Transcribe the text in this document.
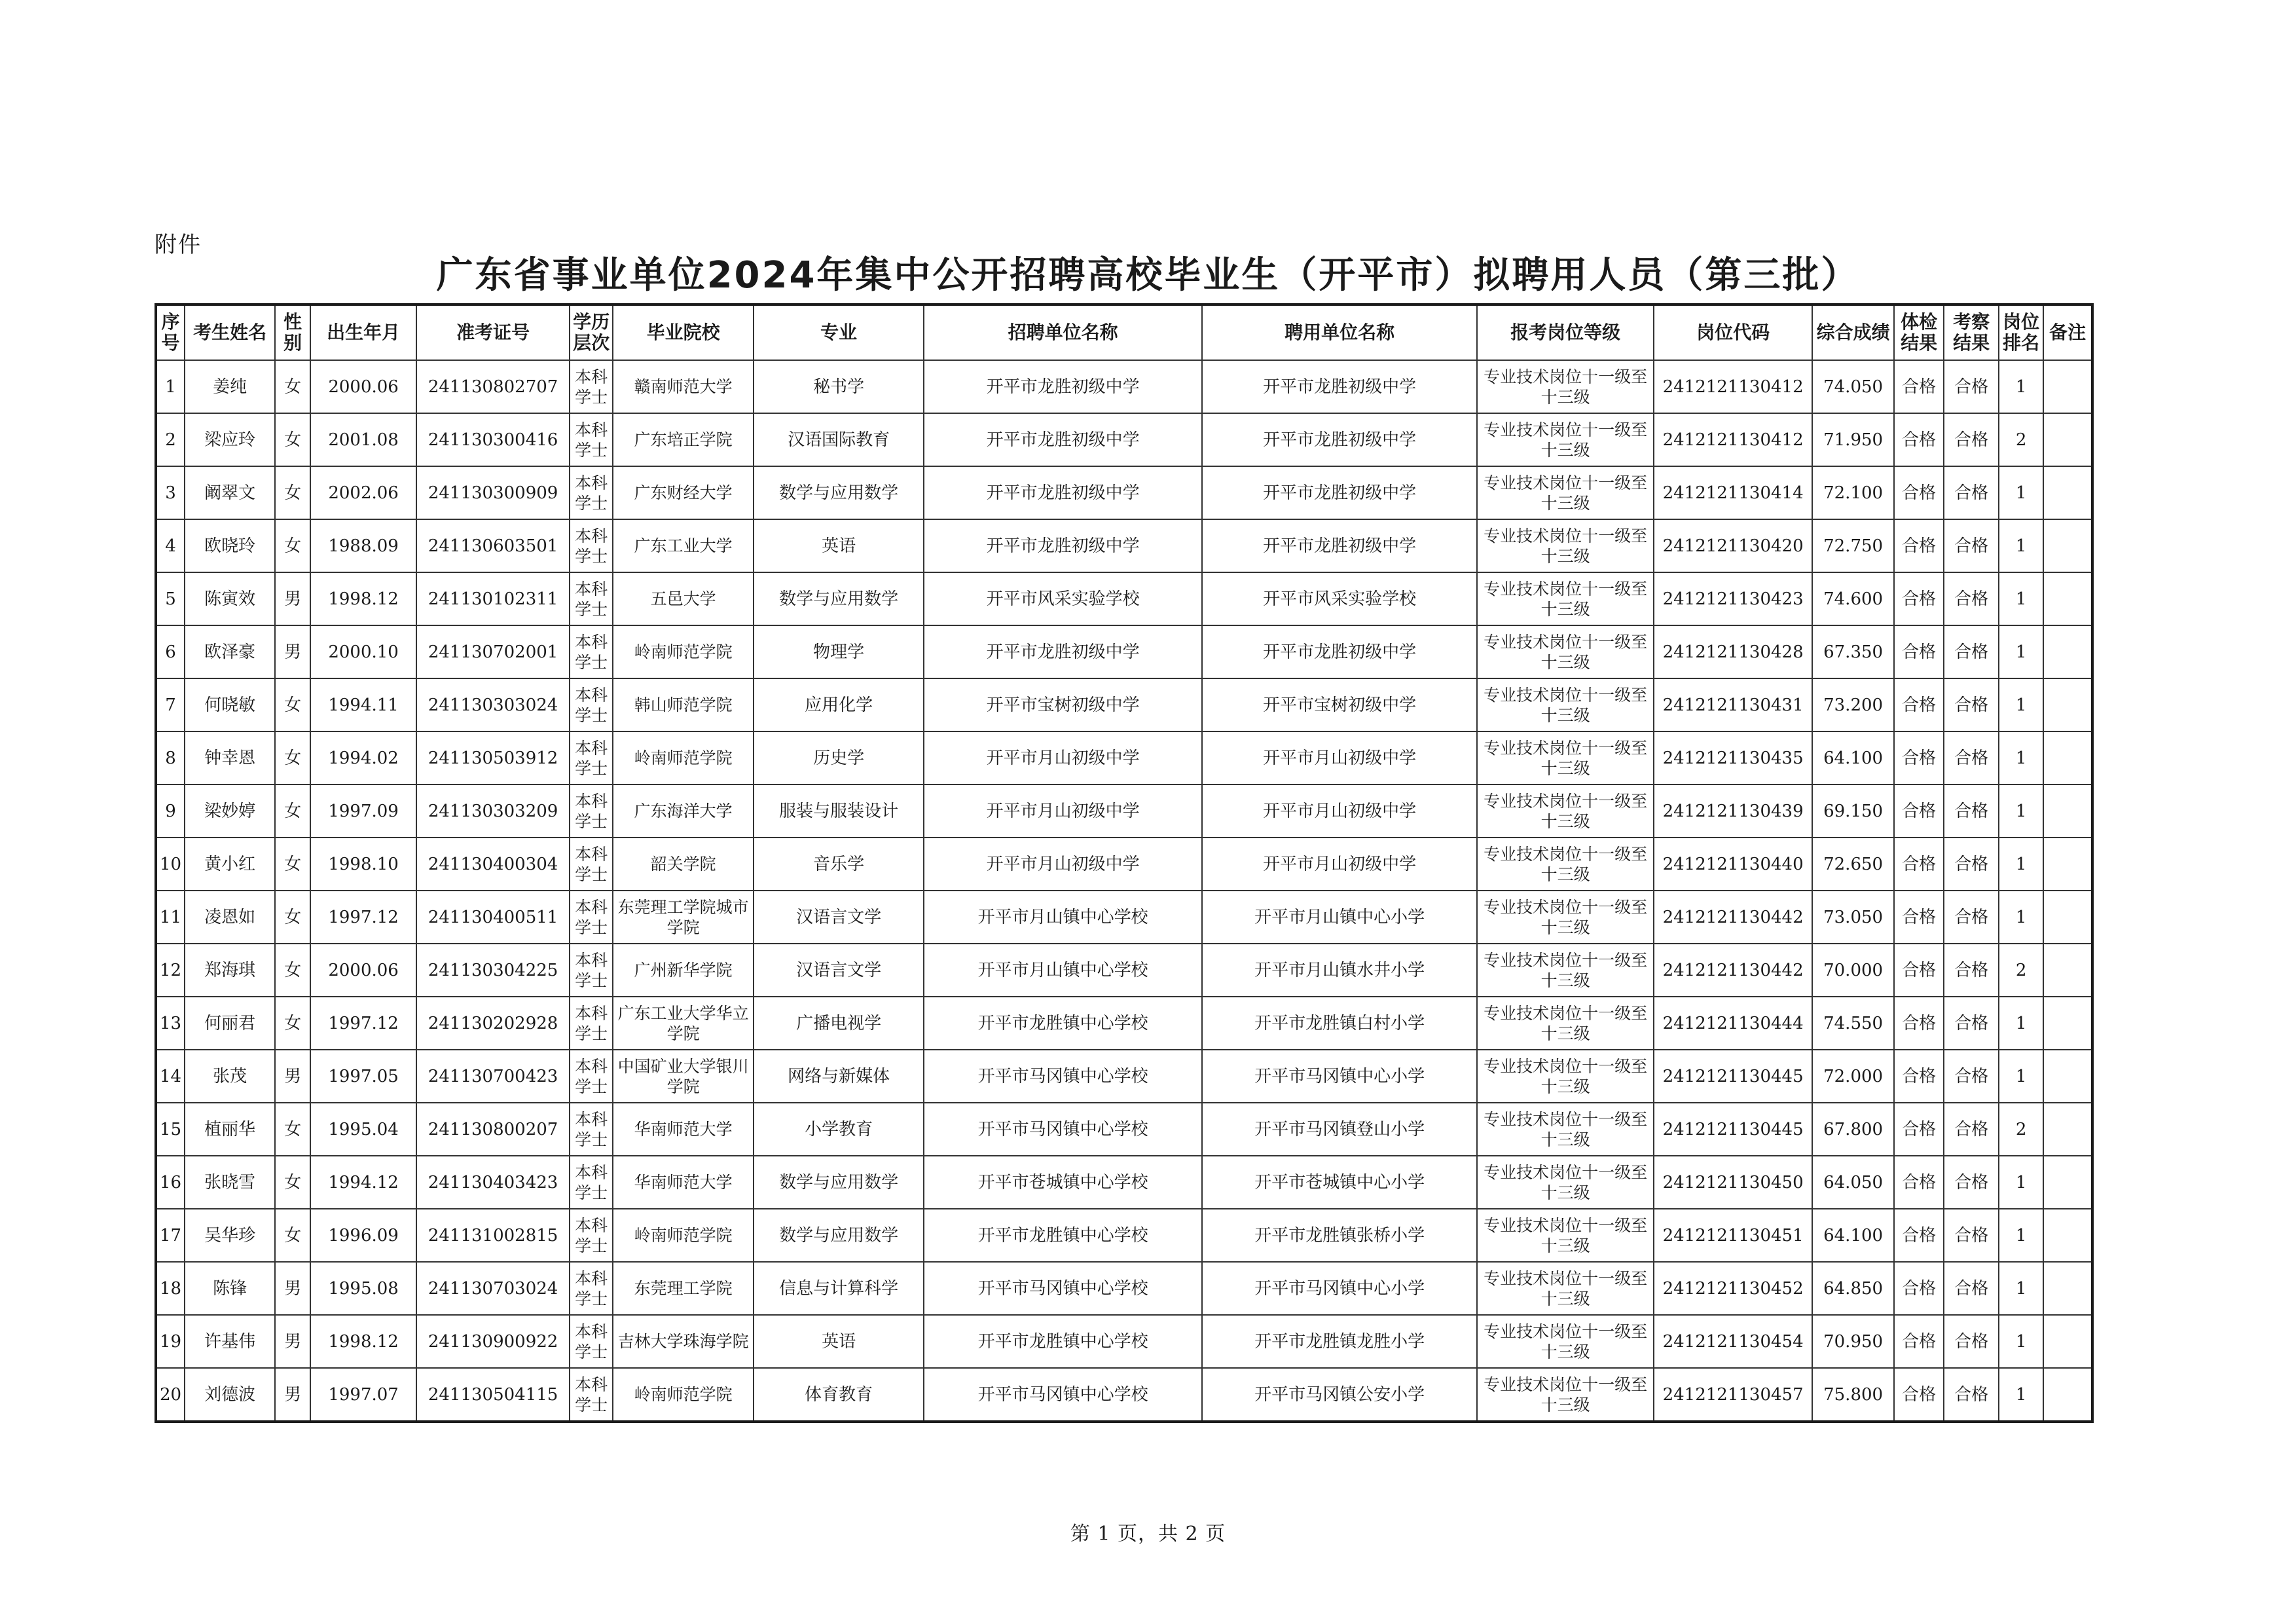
附件
广东省事业单位2024年集中公开招聘高校毕业生（开平市）拟聘用人员（第三批）
序号	考生姓名	性别	出生年月	准考证号	学历层次	毕业院校	专业	招聘单位名称	聘用单位名称	报考岗位等级	岗位代码	综合成绩	体检结果	考察结果	岗位排名	备注
1	姜纯	女	2000.06	241130802707	本科学士	赣南师范大学	秘书学	开平市龙胜初级中学	开平市龙胜初级中学	专业技术岗位十一级至十三级	2412121130412	74.050	合格	合格	1	
2	梁应玲	女	2001.08	241130300416	本科学士	广东培正学院	汉语国际教育	开平市龙胜初级中学	开平市龙胜初级中学	专业技术岗位十一级至十三级	2412121130412	71.950	合格	合格	2	
3	阚翠文	女	2002.06	241130300909	本科学士	广东财经大学	数学与应用数学	开平市龙胜初级中学	开平市龙胜初级中学	专业技术岗位十一级至十三级	2412121130414	72.100	合格	合格	1	
4	欧晓玲	女	1988.09	241130603501	本科学士	广东工业大学	英语	开平市龙胜初级中学	开平市龙胜初级中学	专业技术岗位十一级至十三级	2412121130420	72.750	合格	合格	1	
5	陈寅效	男	1998.12	241130102311	本科学士	五邑大学	数学与应用数学	开平市风采实验学校	开平市风采实验学校	专业技术岗位十一级至十三级	2412121130423	74.600	合格	合格	1	
6	欧泽豪	男	2000.10	241130702001	本科学士	岭南师范学院	物理学	开平市龙胜初级中学	开平市龙胜初级中学	专业技术岗位十一级至十三级	2412121130428	67.350	合格	合格	1	
7	何晓敏	女	1994.11	241130303024	本科学士	韩山师范学院	应用化学	开平市宝树初级中学	开平市宝树初级中学	专业技术岗位十一级至十三级	2412121130431	73.200	合格	合格	1	
8	钟幸恩	女	1994.02	241130503912	本科学士	岭南师范学院	历史学	开平市月山初级中学	开平市月山初级中学	专业技术岗位十一级至十三级	2412121130435	64.100	合格	合格	1	
9	梁妙婷	女	1997.09	241130303209	本科学士	广东海洋大学	服装与服装设计	开平市月山初级中学	开平市月山初级中学	专业技术岗位十一级至十三级	2412121130439	69.150	合格	合格	1	
10	黄小红	女	1998.10	241130400304	本科学士	韶关学院	音乐学	开平市月山初级中学	开平市月山初级中学	专业技术岗位十一级至十三级	2412121130440	72.650	合格	合格	1	
11	凌恩如	女	1997.12	241130400511	本科学士	东莞理工学院城市学院	汉语言文学	开平市月山镇中心学校	开平市月山镇中心小学	专业技术岗位十一级至十三级	2412121130442	73.050	合格	合格	1	
12	郑海琪	女	2000.06	241130304225	本科学士	广州新华学院	汉语言文学	开平市月山镇中心学校	开平市月山镇水井小学	专业技术岗位十一级至十三级	2412121130442	70.000	合格	合格	2	
13	何丽君	女	1997.12	241130202928	本科学士	广东工业大学华立学院	广播电视学	开平市龙胜镇中心学校	开平市龙胜镇白村小学	专业技术岗位十一级至十三级	2412121130444	74.550	合格	合格	1	
14	张茂	男	1997.05	241130700423	本科学士	中国矿业大学银川学院	网络与新媒体	开平市马冈镇中心学校	开平市马冈镇中心小学	专业技术岗位十一级至十三级	2412121130445	72.000	合格	合格	1	
15	植丽华	女	1995.04	241130800207	本科学士	华南师范大学	小学教育	开平市马冈镇中心学校	开平市马冈镇登山小学	专业技术岗位十一级至十三级	2412121130445	67.800	合格	合格	2	
16	张晓雪	女	1994.12	241130403423	本科学士	华南师范大学	数学与应用数学	开平市苍城镇中心学校	开平市苍城镇中心小学	专业技术岗位十一级至十三级	2412121130450	64.050	合格	合格	1	
17	吴华珍	女	1996.09	241131002815	本科学士	岭南师范学院	数学与应用数学	开平市龙胜镇中心学校	开平市龙胜镇张桥小学	专业技术岗位十一级至十三级	2412121130451	64.100	合格	合格	1	
18	陈锋	男	1995.08	241130703024	本科学士	东莞理工学院	信息与计算科学	开平市马冈镇中心学校	开平市马冈镇中心小学	专业技术岗位十一级至十三级	2412121130452	64.850	合格	合格	1	
19	许基伟	男	1998.12	241130900922	本科学士	吉林大学珠海学院	英语	开平市龙胜镇中心学校	开平市龙胜镇龙胜小学	专业技术岗位十一级至十三级	2412121130454	70.950	合格	合格	1	
20	刘德波	男	1997.07	241130504115	本科学士	岭南师范学院	体育教育	开平市马冈镇中心学校	开平市马冈镇公安小学	专业技术岗位十一级至十三级	2412121130457	75.800	合格	合格	1	
第 1 页，共 2 页
